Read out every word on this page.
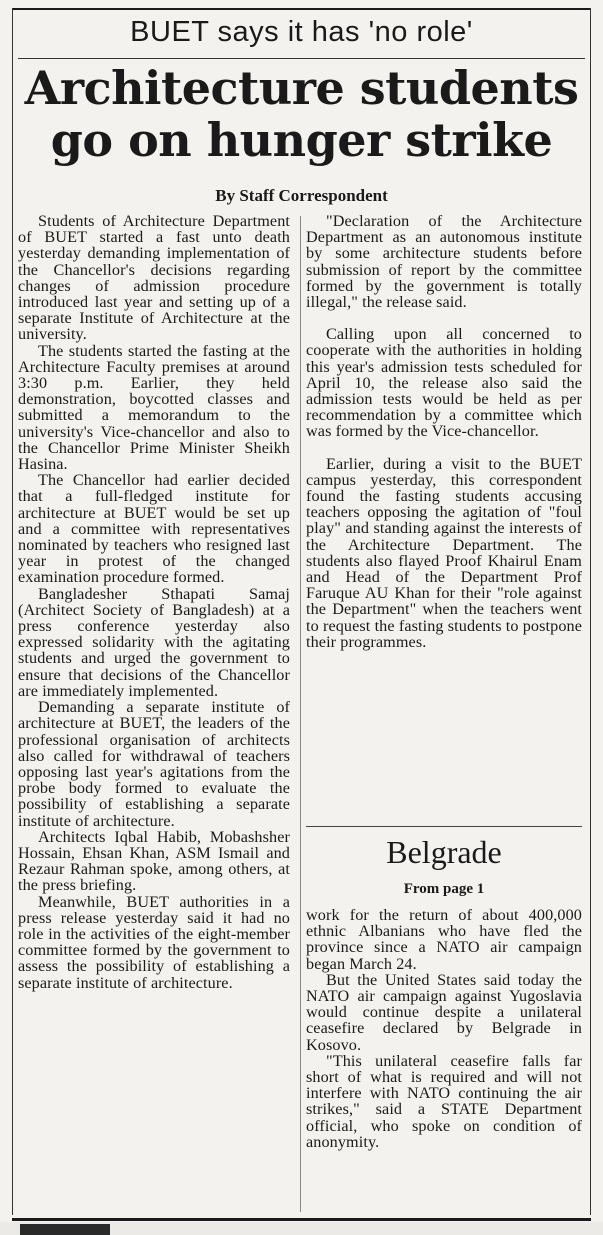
BUET says it has 'no role'
Architecture students
go on hunger strike
By Staff Correspondent

Students of Architecture Department of BUET started a fast unto death yesterday demanding implementation of the Chancellor's decisions regarding changes of admission procedure introduced last year and setting up of a separate Institute of Architecture at the university.

The students started the fasting at the Architecture Faculty premises at around 3:30 p.m. Earlier, they held demonstration, boycotted classes and submitted a memorandum to the university's Vice-chancellor and also to the Chancellor Prime Minister Sheikh Hasina.

The Chancellor had earlier decided that a full-fledged institute for architecture at BUET would be set up and a committee with representatives nominated by teachers who resigned last year in protest of the changed examination procedure formed.

Bangladesher Sthapati Samaj (Architect Society of Bangladesh) at a press conference yesterday also expressed solidarity with the agitating students and urged the government to ensure that decisions of the Chancellor are immediately implemented.

Demanding a separate institute of architecture at BUET, the leaders of the professional organisation of architects also called for withdrawal of teachers opposing last year's agitations from the probe body formed to evaluate the possibility of establishing a separate institute of architecture.

Architects Iqbal Habib, Mobashsher Hossain, Ehsan Khan, ASM Ismail and Rezaur Rahman spoke, among others, at the press briefing.

Meanwhile, BUET authorities in a press release yesterday said it had no role in the activities of the eight-member committee formed by the government to assess the possibility of establishing a separate institute of architecture.

"Declaration of the Architecture Department as an autonomous institute by some architecture students before submission of report by the committee formed by the government is totally illegal," the release said.

Calling upon all concerned to cooperate with the authorities in holding this year's admission tests scheduled for April 10, the release also said the admission tests would be held as per recommendation by a committee which was formed by the Vice-chancellor.

Earlier, during a visit to the BUET campus yesterday, this correspondent found the fasting students accusing teachers opposing the agitation of "foul play" and standing against the interests of the Architecture Department. The students also flayed Proof Khairul Enam and Head of the Department Prof Faruque AU Khan for their "role against the Department" when the teachers went to request the fasting students to postpone their programmes.

Belgrade
From page 1

work for the return of about 400,000 ethnic Albanians who have fled the province since a NATO air campaign began March 24.

But the United States said today the NATO air campaign against Yugoslavia would continue despite a unilateral ceasefire declared by Belgrade in Kosovo.

"This unilateral ceasefire falls far short of what is required and will not interfere with NATO continuing the air strikes," said a STATE Department official, who spoke on condition of anonymity.
